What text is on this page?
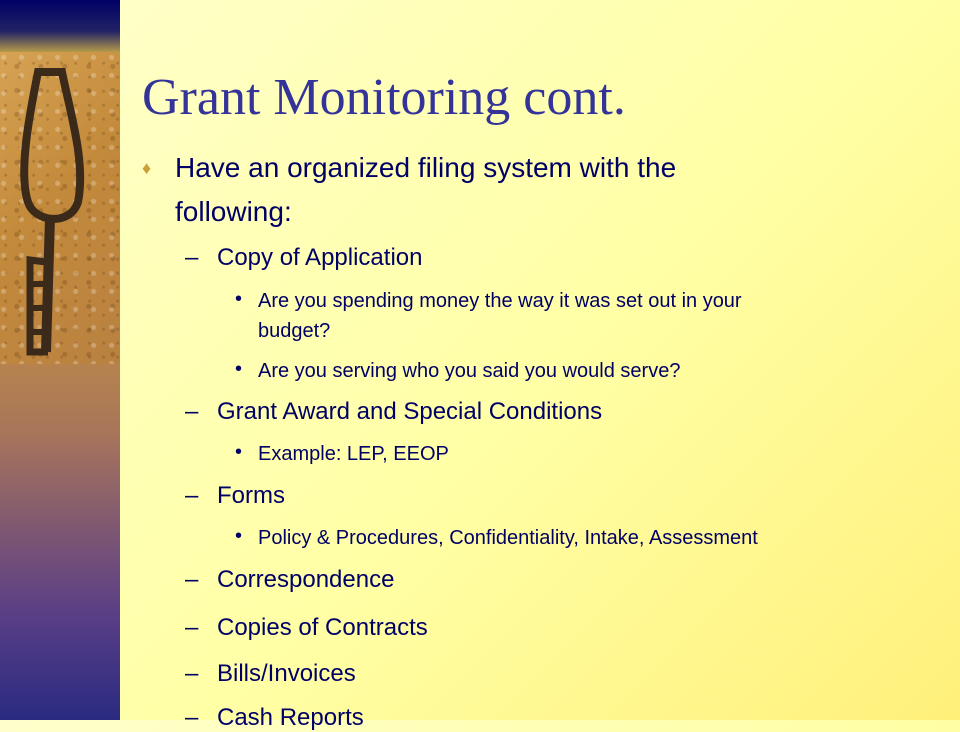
Grant Monitoring cont.
♦ Have an organized filing system with the
following:
– Copy of Application
• Are you spending money the way it was set out in your
budget?
• Are you serving who you said you would serve?
– Grant Award and Special Conditions
• Example: LEP, EEOP
– Forms
• Policy & Procedures, Confidentiality, Intake, Assessment
– Correspondence
– Copies of Contracts
– Bills/Invoices
– Cash Reports
